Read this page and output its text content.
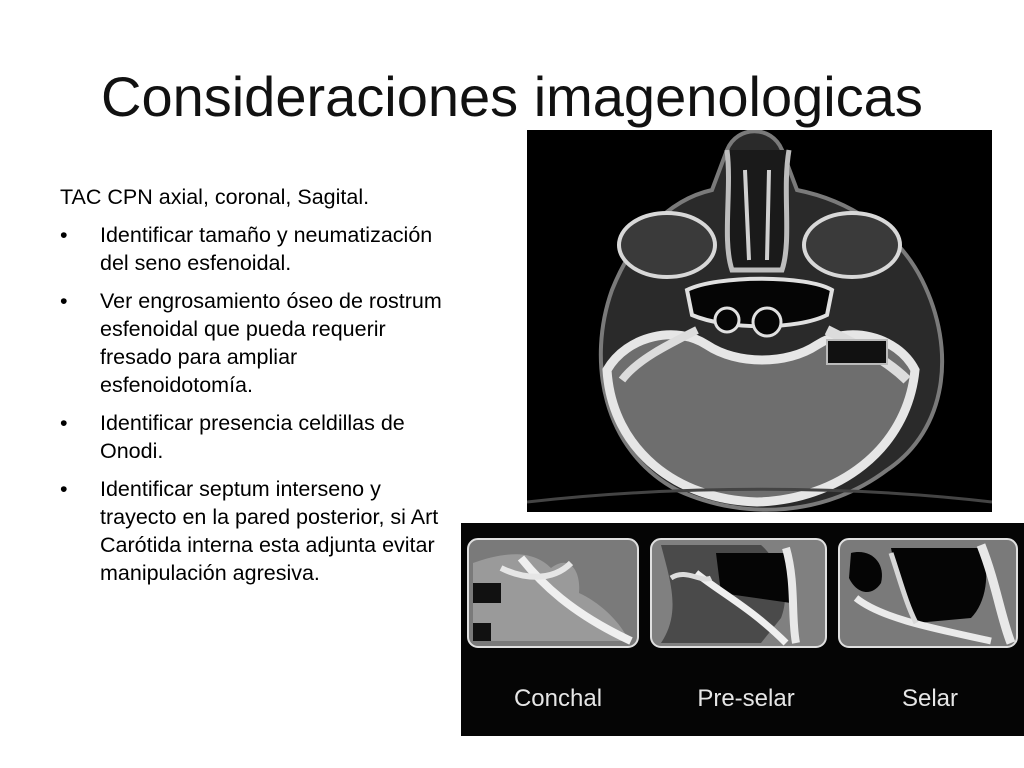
Consideraciones imagenologicas
TAC CPN axial, coronal, Sagital.
• Identificar tamaño y neumatización del seno esfenoidal.
• Ver engrosamiento óseo de rostrum esfenoidal que pueda requerir fresado para ampliar esfenoidotomía.
• Identificar presencia celdillas de Onodi.
• Identificar septum interseno y trayecto en la pared posterior, si Art Carótida interna esta adjunta evitar manipulación agresiva.
Conchal	Pre-selar	Selar
